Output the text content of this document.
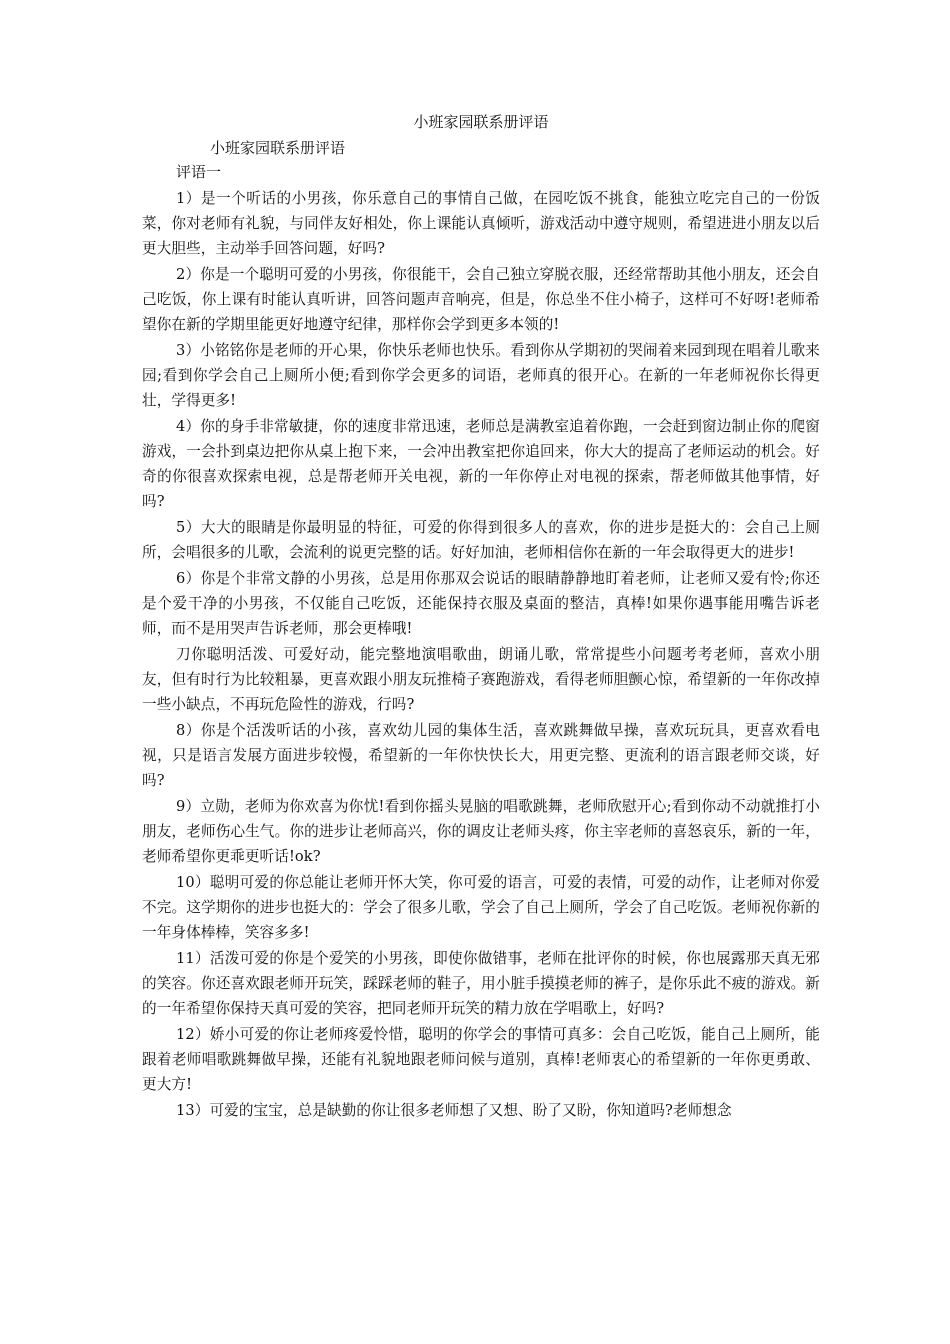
小班家园联系册评语

小班家园联系册评语

评语一

1）是一个听话的小男孩，你乐意自己的事情自己做，在园吃饭不挑食，能独立吃完自己的一份饭菜，你对老师有礼貌，与同伴友好相处，你上课能认真倾听，游戏活动中遵守规则，希望进进小朋友以后更大胆些，主动举手回答问题，好吗?

2）你是一个聪明可爱的小男孩，你很能干，会自己独立穿脱衣服，还经常帮助其他小朋友，还会自己吃饭，你上课有时能认真听讲，回答问题声音响亮，但是，你总坐不住小椅子，这样可不好呀!老师希望你在新的学期里能更好地遵守纪律，那样你会学到更多本领的!

3）小铭铭你是老师的开心果，你快乐老师也快乐。看到你从学期初的哭闹着来园到现在唱着儿歌来园;看到你学会自己上厕所小便;看到你学会更多的词语，老师真的很开心。在新的一年老师祝你长得更壮，学得更多!

4）你的身手非常敏捷，你的速度非常迅速，老师总是满教室追着你跑，一会赶到窗边制止你的爬窗游戏，一会扑到桌边把你从桌上抱下来，一会冲出教室把你追回来，你大大的提高了老师运动的机会。好奇的你很喜欢探索电视，总是帮老师开关电视，新的一年你停止对电视的探索，帮老师做其他事情，好吗?

5）大大的眼睛是你最明显的特征，可爱的你得到很多人的喜欢，你的进步是挺大的：会自己上厕所，会唱很多的儿歌，会流利的说更完整的话。好好加油，老师相信你在新的一年会取得更大的进步!

6）你是个非常文静的小男孩，总是用你那双会说话的眼睛静静地盯着老师，让老师又爱有怜;你还是个爱干净的小男孩，不仅能自己吃饭，还能保持衣服及桌面的整洁，真棒!如果你遇事能用嘴告诉老师，而不是用哭声告诉老师，那会更棒哦!

刀你聪明活泼、可爱好动，能完整地演唱歌曲，朗诵儿歌，常常提些小问题考考老师，喜欢小朋友，但有时行为比较粗暴，更喜欢跟小朋友玩推椅子赛跑游戏，看得老师胆颤心惊，希望新的一年你改掉一些小缺点，不再玩危险性的游戏，行吗?

8）你是个活泼听话的小孩，喜欢幼儿园的集体生活，喜欢跳舞做早操，喜欢玩玩具，更喜欢看电视，只是语言发展方面进步较慢，希望新的一年你快快长大，用更完整、更流利的语言跟老师交谈，好吗?

9）立勋，老师为你欢喜为你忧!看到你摇头晃脑的唱歌跳舞，老师欣慰开心;看到你动不动就推打小朋友，老师伤心生气。你的进步让老师高兴，你的调皮让老师头疼，你主宰老师的喜怒哀乐，新的一年，老师希望你更乖更听话!ok?

10）聪明可爱的你总能让老师开怀大笑，你可爱的语言，可爱的表情，可爱的动作，让老师对你爱不完。这学期你的进步也挺大的：学会了很多儿歌，学会了自己上厕所，学会了自己吃饭。老师祝你新的一年身体棒棒，笑容多多!

11）活泼可爱的你是个爱笑的小男孩，即使你做错事，老师在批评你的时候，你也展露那天真无邪的笑容。你还喜欢跟老师开玩笑，踩踩老师的鞋子，用小脏手摸摸老师的裤子，是你乐此不疲的游戏。新的一年希望你保持天真可爱的笑容，把同老师开玩笑的精力放在学唱歌上，好吗?

12）娇小可爱的你让老师疼爱怜惜，聪明的你学会的事情可真多：会自己吃饭，能自己上厕所，能跟着老师唱歌跳舞做早操，还能有礼貌地跟老师问候与道别，真棒!老师衷心的希望新的一年你更勇敢、更大方!

13）可爱的宝宝，总是缺勤的你让很多老师想了又想、盼了又盼，你知道吗?老师想念
